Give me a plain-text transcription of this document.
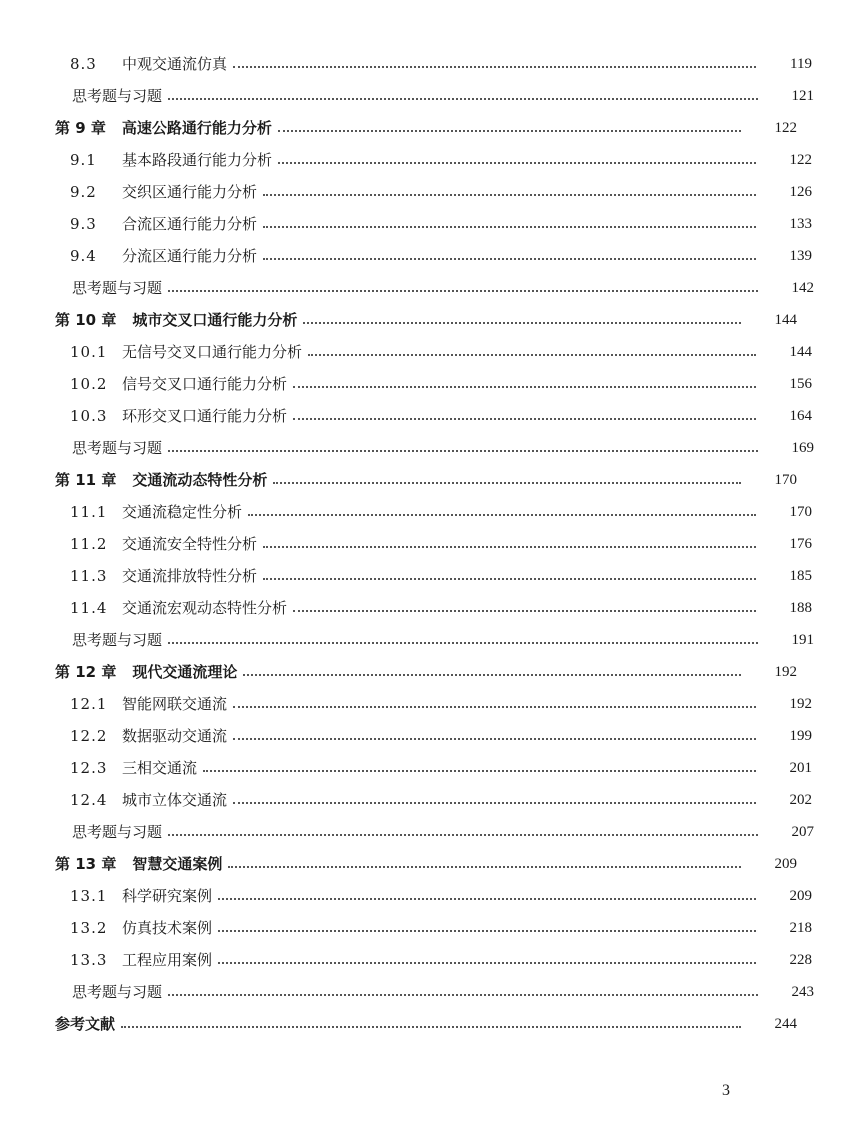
8.3	中观交通流仿真	119
思考题与习题	121
第 9 章 高速公路通行能力分析	122
9.1	基本路段通行能力分析	122
9.2	交织区通行能力分析	126
9.3	合流区通行能力分析	133
9.4	分流区通行能力分析	139
思考题与习题	142
第 10 章 城市交叉口通行能力分析	144
10.1 无信号交叉口通行能力分析	144
10.2 信号交叉口通行能力分析	156
10.3 环形交叉口通行能力分析	164
思考题与习题	169
第 11 章 交通流动态特性分析	170
11.1 交通流稳定性分析	170
11.2 交通流安全特性分析	176
11.3 交通流排放特性分析	185
11.4 交通流宏观动态特性分析	188
思考题与习题	191
第 12 章 现代交通流理论	192
12.1 智能网联交通流	192
12.2 数据驱动交通流	199
12.3 三相交通流	201
12.4 城市立体交通流	202
思考题与习题	207
第 13 章 智慧交通案例	209
13.1 科学研究案例	209
13.2 仿真技术案例	218
13.3 工程应用案例	228
思考题与习题	243
参考文献	244
3
